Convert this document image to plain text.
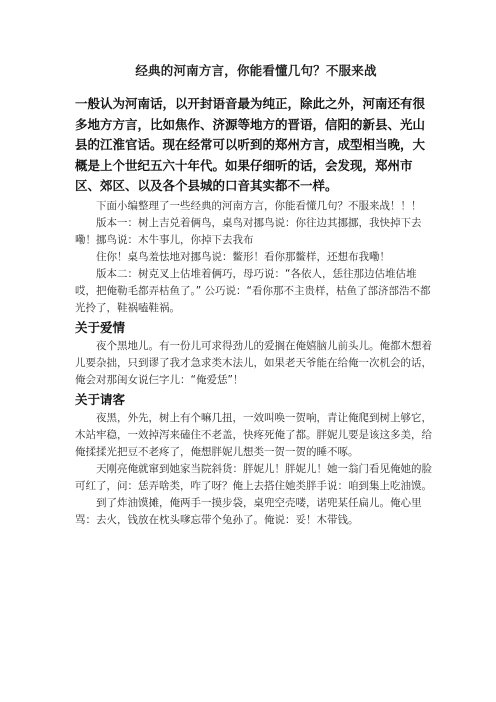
经典的河南方言，你能看懂几句？不服来战

一般认为河南话，以开封语音最为纯正，除此之外，河南还有很多地方方言，比如焦作、济源等地方的晋语，信阳的新县、光山县的江淮官话。现在经常可以听到的郑州方言，成型相当晚，大概是上个世纪五六十年代。如果仔细听的话，会发现，郑州市区、郊区、以及各个县城的口音其实都不一样。

下面小编整理了一些经典的河南方言，你能看懂几句？不服来战！！！

版本一：树上吉兑着俩鸟，桌鸟对挪鸟说：你往边其挪挪，我快掉下去嘞！挪鸟说：木牛事儿，你掉下去我布

住你！桌鸟羞怯地对挪鸟说：鳖形！看你那鳖样，还想布我嘞！

版本二：树克叉上估堆着俩巧，母巧说：“各依人，恁往那边估堆估堆哎，把俺勒毛都弄枯鱼了。” 公巧说：“看你那不主贵样，枯鱼了部济部浩不都光拎了，鞋祸嗑鞋祸。

关于爱情

夜个黑地儿。有一份儿可求得劲儿的爱搁在俺嬉脑儿前头儿。俺都木想着儿要杂拙，只到谬了我才急求类木法儿，如果老天爷能在给俺一次机会的话，俺会对那闺女说仨字儿：“俺爱恁”！

关于请客

夜黑，外先，树上有个嘛几扭，一效叫唤一贺响，青让俺爬到树上够它，木站牢稳，一效掉泻来磕住不老盖，快疼死俺了都。胖妮儿要是该这多美，给俺揉揉光把豆不老疼了，俺想胖妮儿想类一贺一贺的睡不啄。

天刚亮俺就窜到她家当院斜货：胖妮儿！胖妮儿！她一翁门看见俺她的脸可红了，问：恁弄啥类，咋了呀？俺上去搭住她类胖手说：咱到集上吃油馍。

到了炸油馍摊，俺两手一摸步袋，桌兜空壳喽，诺兜某任扁儿。俺心里骂：去火，钱放在枕头嗲忘带个兔孙了。俺说：妥！木带钱。
